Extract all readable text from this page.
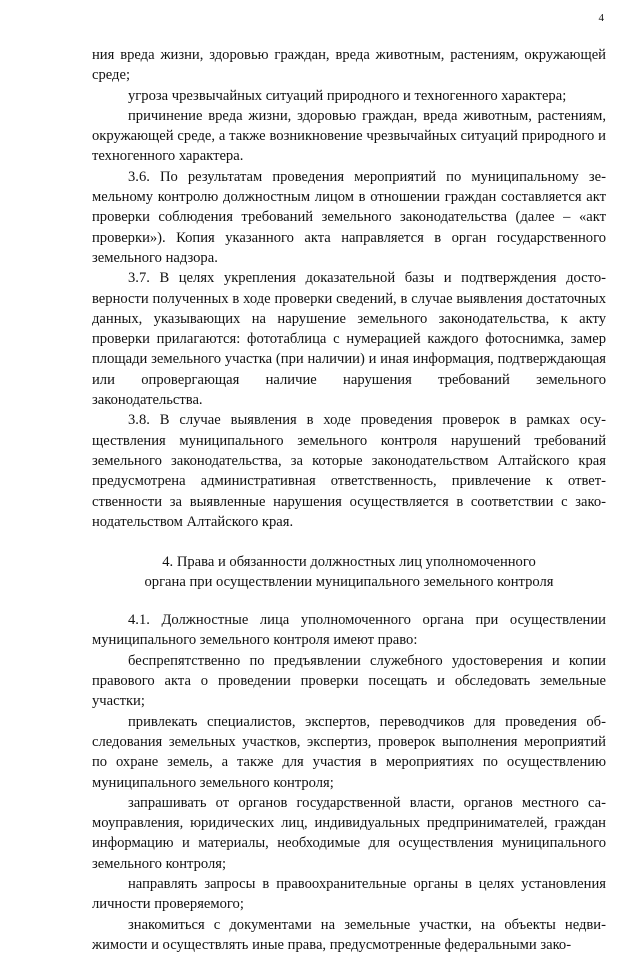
4

ния вреда жизни, здоровью граждан, вреда животным, растениям, окружающей среде;

угроза чрезвычайных ситуаций природного и техногенного характера;

причинение вреда жизни, здоровью граждан, вреда животным, растениям, окружающей среде, а также возникновение чрезвычайных ситуаций природного и техногенного характера.

3.6. По результатам проведения мероприятий по муниципальному земельному контролю должностным лицом в отношении граждан составляется акт проверки соблюдения требований земельного законодательства (далее – «акт проверки»). Копия указанного акта направляется в орган государственного земельного надзора.

3.7. В целях укрепления доказательной базы и подтверждения достоверности полученных в ходе проверки сведений, в случае выявления достаточных данных, указывающих на нарушение земельного законодательства, к акту проверки прилагаются: фототаблица с нумерацией каждого фотоснимка, замер площади земельного участка (при наличии) и иная информация, подтверждающая или опровергающая наличие нарушения требований земельного законодательства.

3.8. В случае выявления в ходе проведения проверок в рамках осуществления муниципального земельного контроля нарушений требований земельного законодательства, за которые законодательством Алтайского края предусмотрена административная ответственность, привлечение к ответственности за выявленные нарушения осуществляется в соответствии с законодательством Алтайского края.

4. Права и обязанности должностных лиц уполномоченного
органа при осуществлении муниципального земельного контроля

4.1. Должностные лица уполномоченного органа при осуществлении муниципального земельного контроля имеют право:

беспрепятственно по предъявлении служебного удостоверения и копии правового акта о проведении проверки посещать и обследовать земельные участки;

привлекать специалистов, экспертов, переводчиков для проведения обследования земельных участков, экспертиз, проверок выполнения мероприятий по охране земель, а также для участия в мероприятиях по осуществлению муниципального земельного контроля;

запрашивать от органов государственной власти, органов местного самоуправления, юридических лиц, индивидуальных предпринимателей, граждан информацию и материалы, необходимые для осуществления муниципального земельного контроля;

направлять запросы в правоохранительные органы в целях установления личности проверяемого;

знакомиться с документами на земельные участки, на объекты недвижимости и осуществлять иные права, предусмотренные федеральными зако-
